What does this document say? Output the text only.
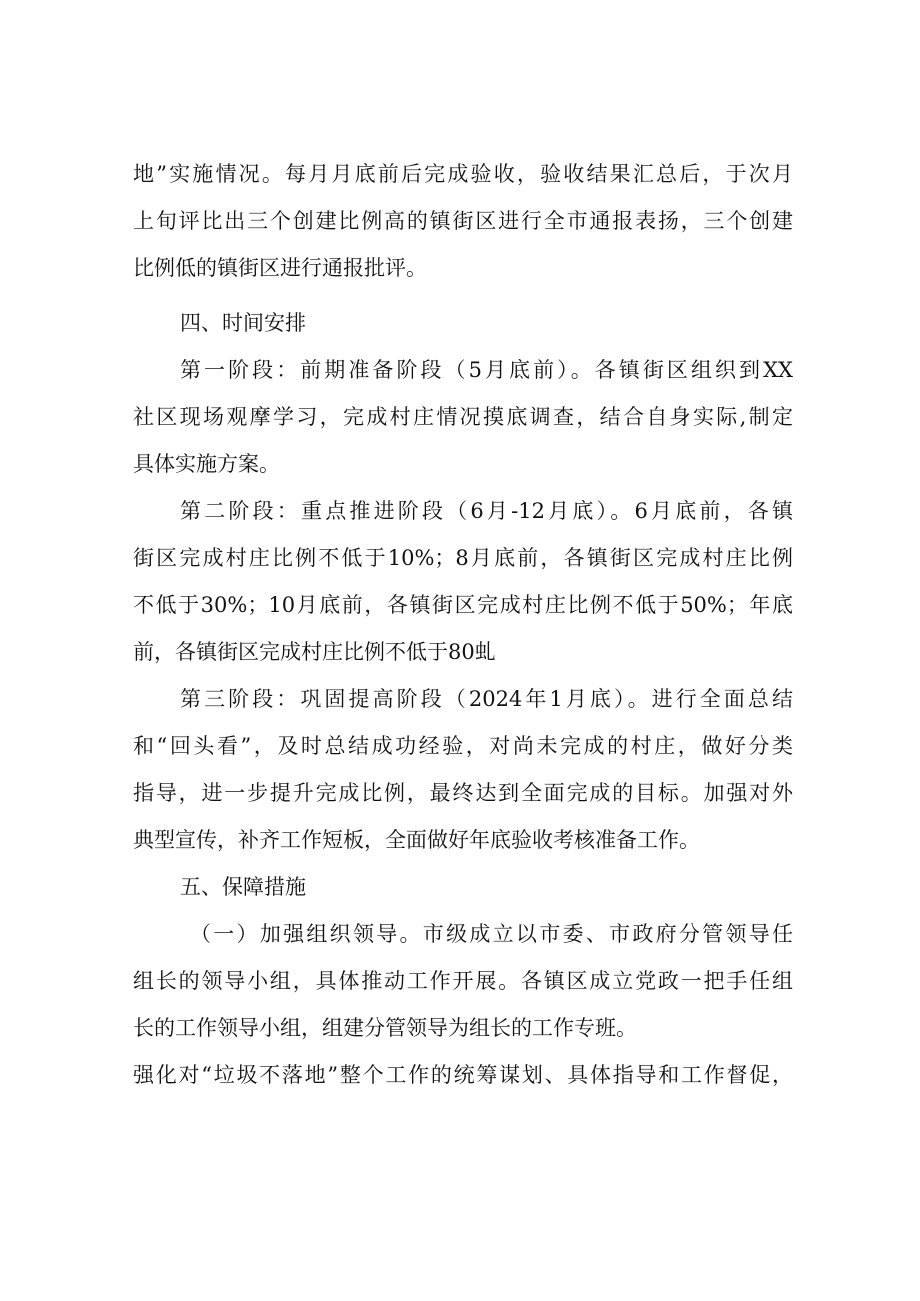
地”实施情况。每月月底前后完成验收，验收结果汇总后，于次月
上旬评比出三个创建比例高的镇街区进行全市通报表扬，三个创建
比例低的镇街区进行通报批评。
四、时间安排
第一阶段：前期准备阶段（5月底前）。各镇街区组织到XX
社区现场观摩学习，完成村庄情况摸底调查，结合自身实际,制定
具体实施方案。
第二阶段：重点推进阶段（6月-12月底）。6月底前，各镇
街区完成村庄比例不低于10%；8月底前，各镇街区完成村庄比例
不低于30%；10月底前，各镇街区完成村庄比例不低于50%；年底
前，各镇街区完成村庄比例不低于80虬
第三阶段：巩固提高阶段（2024年1月底）。进行全面总结
和“回头看”，及时总结成功经验，对尚未完成的村庄，做好分类
指导，进一步提升完成比例，最终达到全面完成的目标。加强对外
典型宣传，补齐工作短板，全面做好年底验收考核准备工作。
五、保障措施
（一）加强组织领导。市级成立以市委、市政府分管领导任
组长的领导小组，具体推动工作开展。各镇区成立党政一把手任组
长的工作领导小组，组建分管领导为组长的工作专班。
强化对“垃圾不落地”整个工作的统筹谋划、具体指导和工作督促，
